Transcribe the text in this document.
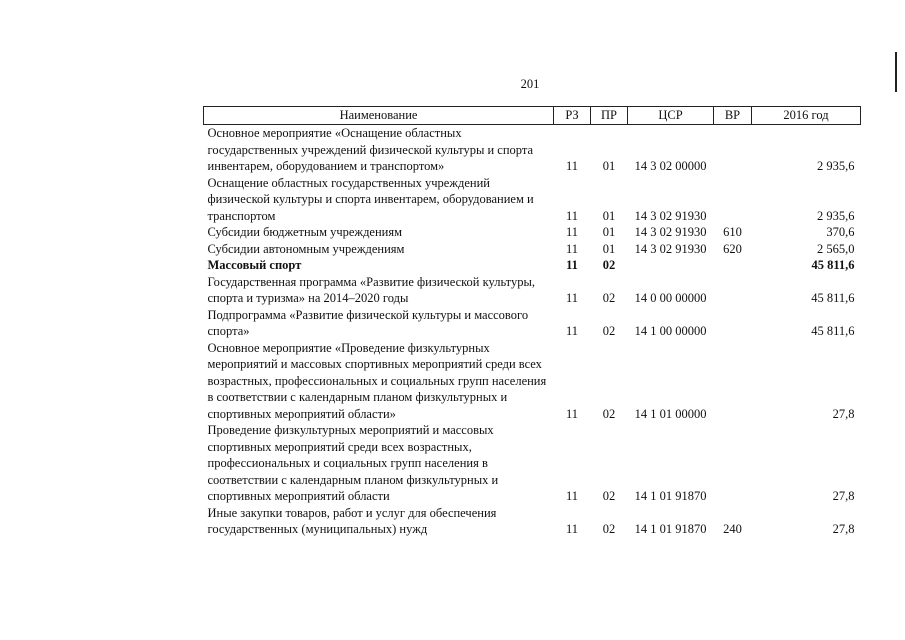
201
Наименование	РЗ	ПР	ЦСР	ВР	2016 год
Основное мероприятие «Оснащение областных государственных учреждений физической культуры и спорта инвентарем, оборудованием и транспортом»	11	01	14 3 02 00000		2 935,6
Оснащение областных государственных учреждений физической культуры и спорта инвентарем, оборудованием и транспортом	11	01	14 3 02 91930		2 935,6
Субсидии бюджетным учреждениям	11	01	14 3 02 91930	610	370,6
Субсидии автономным учреждениям	11	01	14 3 02 91930	620	2 565,0
Массовый спорт	11	02			45 811,6
Государственная программа «Развитие физической культуры, спорта и туризма» на 2014–2020 годы	11	02	14 0 00 00000		45 811,6
Подпрограмма «Развитие физической культуры и массового спорта»	11	02	14 1 00 00000		45 811,6
Основное мероприятие «Проведение физкультурных мероприятий и массовых спортивных мероприятий среди всех возрастных, профессиональных и социальных групп населения в соответствии с календарным планом физкультурных и спортивных мероприятий области»	11	02	14 1 01 00000		27,8
Проведение физкультурных мероприятий и массовых спортивных мероприятий среди всех возрастных, профессиональных и социальных групп населения в соответствии с календарным планом физкультурных и спортивных мероприятий области	11	02	14 1 01 91870		27,8
Иные закупки товаров, работ и услуг для обеспечения государственных (муниципальных) нужд	11	02	14 1 01 91870	240	27,8
